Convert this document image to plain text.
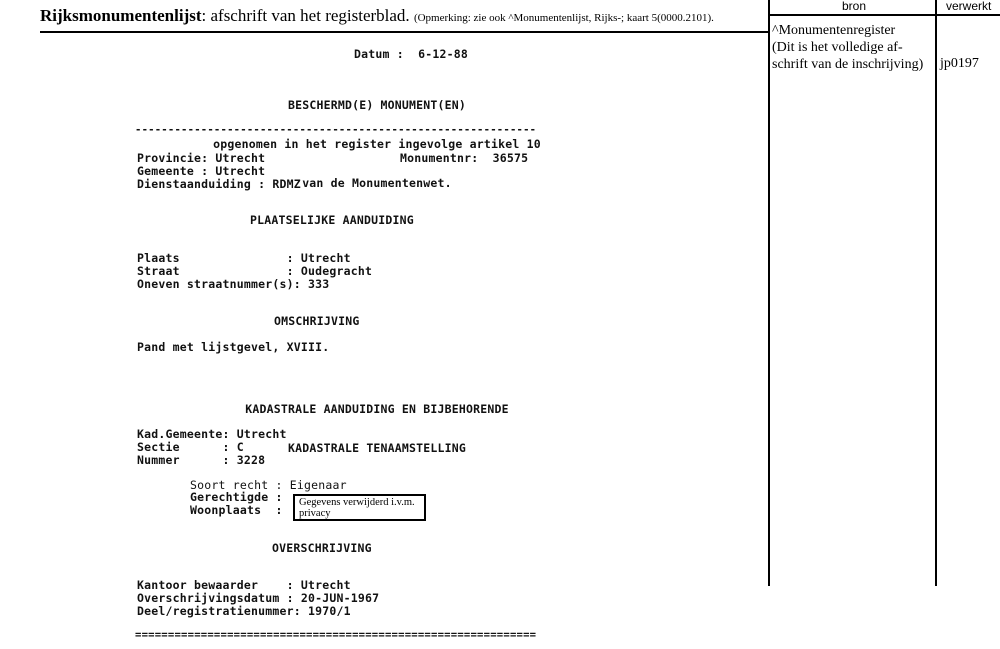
Rijksmonumentenlijst: afschrift van het registerblad. (Opmerking: zie ook ^Monumentenlijst, Rijks-; kaart 5(0000.2101).
bron	verwerkt
^Monumentenregister
(Dit is het volledige af-
schrift van de inschrijving) jp0197
Datum :  6-12-88

BESCHERMD(E) MONUMENT(EN)

opgenomen in het register ingevolge artikel 10

van de Monumentenwet.

-------------------------------------------------------------
Provincie: Utrecht	Monumentnr:  36575
Gemeente : Utrecht
Dienstaanduiding : RDMZ
PLAATSELIJKE AANDUIDING
Plaats               : Utrecht
Straat               : Oudegracht
Oneven straatnummer(s): 333
OMSCHRIJVING
Pand met lijstgevel, XVIII.

KADASTRALE AANDUIDING EN BIJBEHORENDE

KADASTRALE TENAAMSTELLING

Kad.Gemeente: Utrecht
Sectie      : C
Nummer      : 3228
Soort recht : Eigenaar
Gerechtigde :
Woonplaats  :
Gegevens verwijderd i.v.m. privacy
OVERSCHRIJVING
Kantoor bewaarder    : Utrecht
Overschrijvingsdatum : 20-JUN-1967
Deel/registratienummer: 1970/1
=============================================================
